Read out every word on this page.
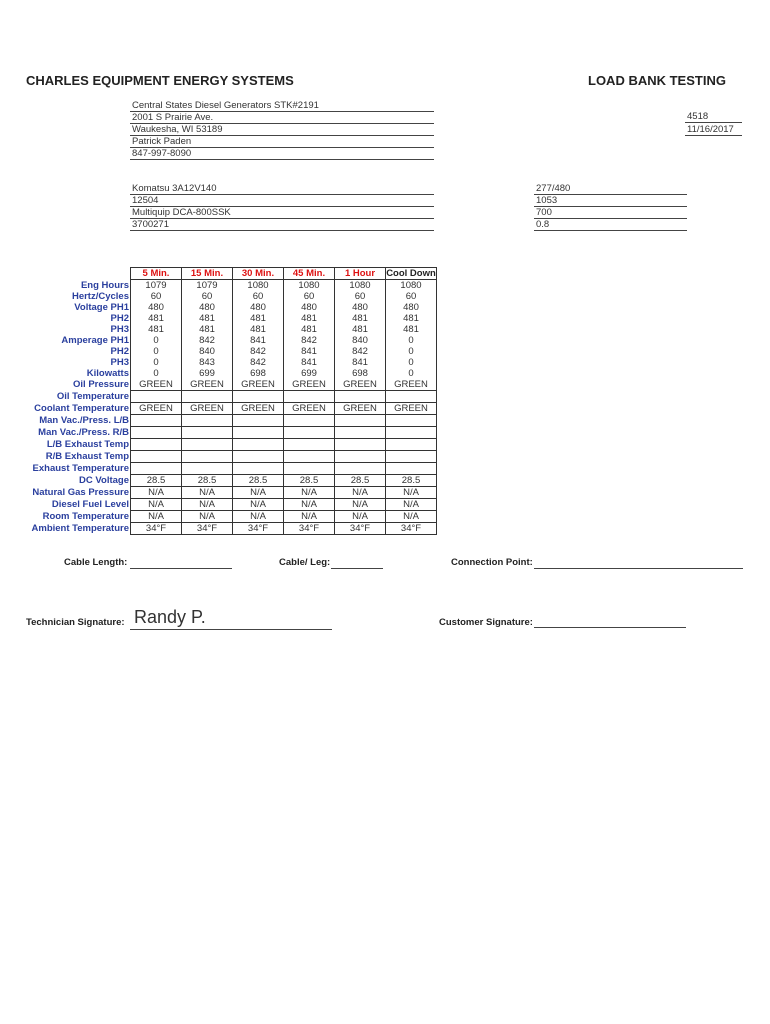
CHARLES EQUIPMENT ENERGY SYSTEMS	LOAD BANK TESTING
Central States Diesel Generators STK#2191
2001 S Prairie Ave.
Waukesha, WI 53189
Patrick Paden
847-997-8090
4518
11/16/2017
Komatsu 3A12V140
12504
Multiquip DCA-800SSK
3700271
277/480
1053
700
0.8
	5 Min.	15 Min.	30 Min.	45 Min.	1 Hour	Cool Down
Eng Hours	1079	1079	1080	1080	1080	1080
Hertz/Cycles	60	60	60	60	60	60
Voltage PH1	480	480	480	480	480	480
PH2	481	481	481	481	481	481
PH3	481	481	481	481	481	481
Amperage PH1	0	842	841	842	840	0
PH2	0	840	842	841	842	0
PH3	0	843	842	841	841	0
Kilowatts	0	699	698	699	698	0
Oil Pressure	GREEN	GREEN	GREEN	GREEN	GREEN	GREEN
Oil Temperature						
Coolant Temperature	GREEN	GREEN	GREEN	GREEN	GREEN	GREEN
Man Vac./Press. L/B						
Man Vac./Press. R/B						
L/B Exhaust Temp						
R/B Exhaust Temp						
Exhaust Temperature						
DC Voltage	28.5	28.5	28.5	28.5	28.5	28.5
Natural Gas Pressure	N/A	N/A	N/A	N/A	N/A	N/A
Diesel Fuel Level	N/A	N/A	N/A	N/A	N/A	N/A
Room Temperature	N/A	N/A	N/A	N/A	N/A	N/A
Ambient Temperature	34°F	34°F	34°F	34°F	34°F	34°F
Cable Length:	Cable/ Leg:	Connection Point:
Technician Signature: Randy P.	Customer Signature:
